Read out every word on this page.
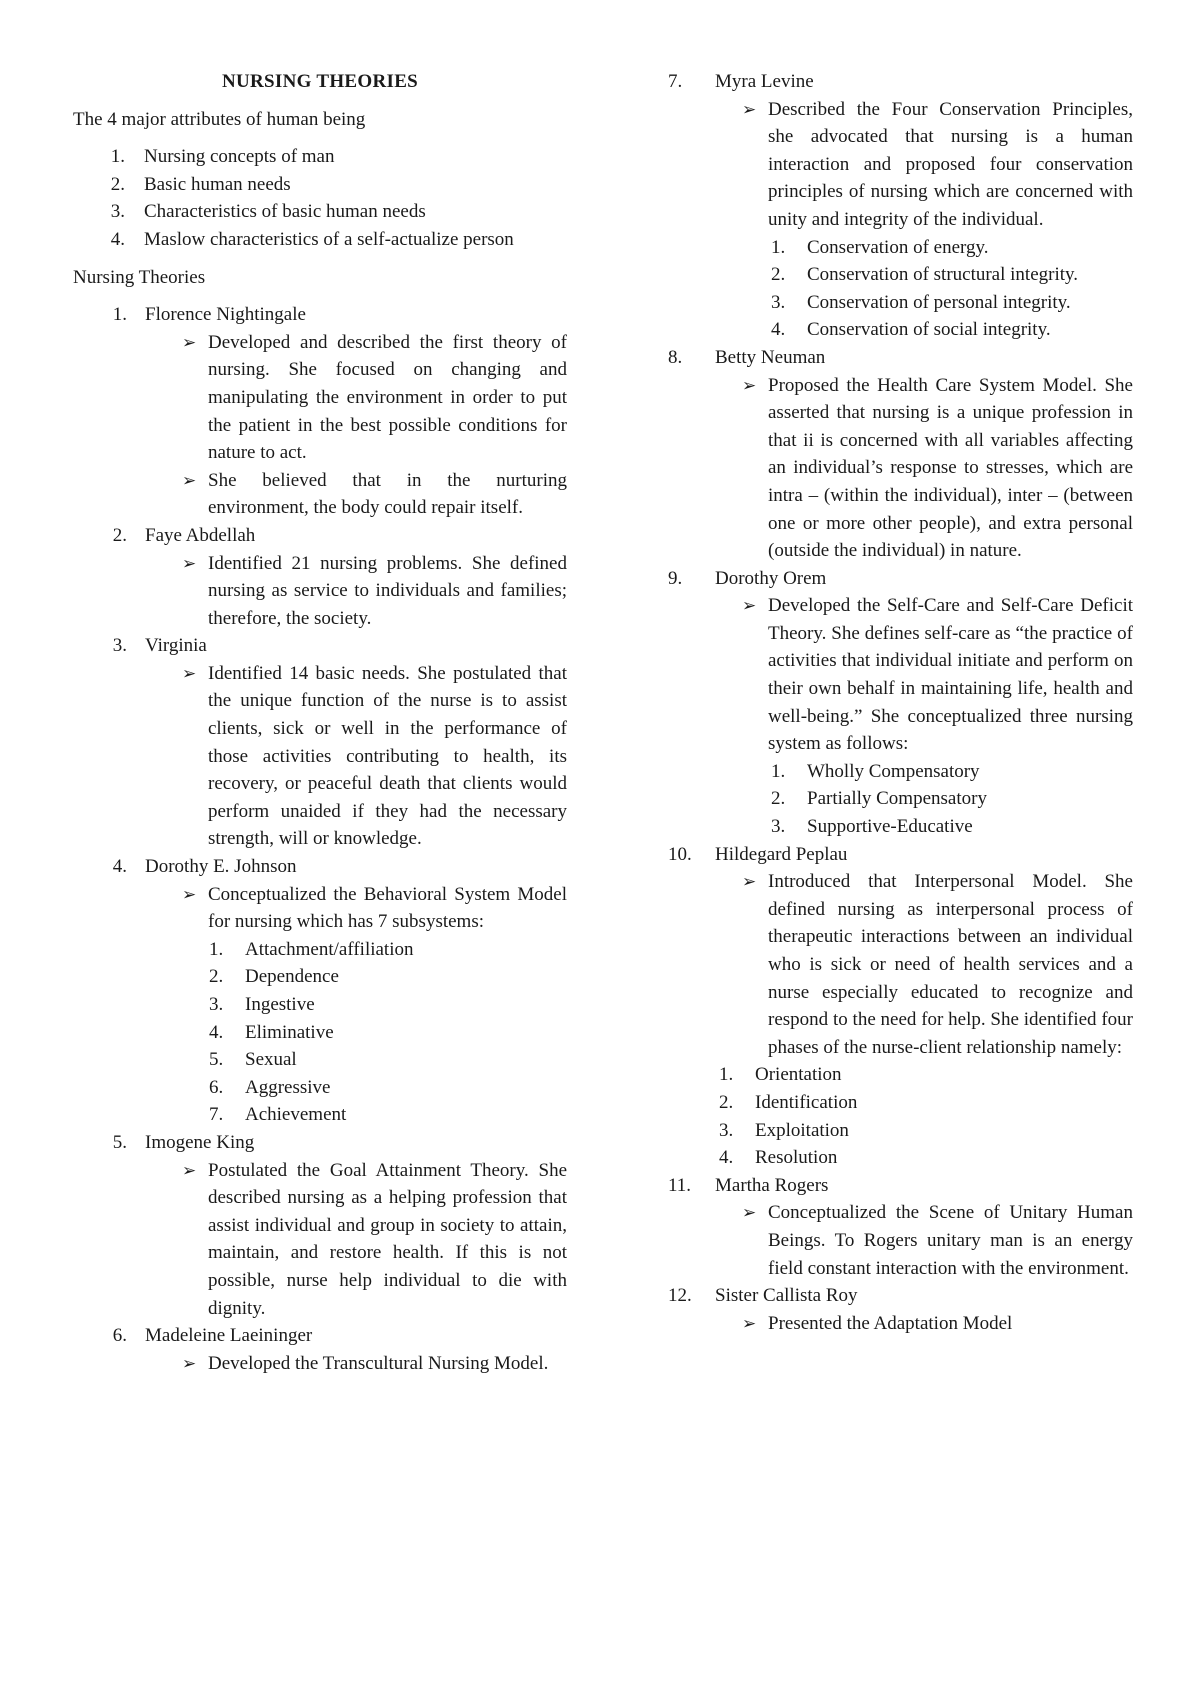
NURSING THEORIES
The 4 major attributes of human being
1. Nursing concepts of man
2. Basic human needs
3. Characteristics of basic human needs
4. Maslow characteristics of a self-actualize person
Nursing Theories
1. Florence Nightingale
➢ Developed and described the first theory of nursing. She focused on changing and manipulating the environment in order to put the patient in the best possible conditions for nature to act.
➢ She believed that in the nurturing environment, the body could repair itself.
2. Faye Abdellah
➢ Identified 21 nursing problems. She defined nursing as service to individuals and families; therefore, the society.
3. Virginia
➢ Identified 14 basic needs. She postulated that the unique function of the nurse is to assist clients, sick or well in the performance of those activities contributing to health, its recovery, or peaceful death that clients would perform unaided if they had the necessary strength, will or knowledge.
4. Dorothy E. Johnson
➢ Conceptualized the Behavioral System Model for nursing which has 7 subsystems:
1.	Attachment/affiliation
2.	Dependence
3.	Ingestive
4.	Eliminative
5.	Sexual
6.	Aggressive
7.	Achievement
5. Imogene King
➢ Postulated the Goal Attainment Theory. She described nursing as a helping profession that assist individual and group in society to attain, maintain, and restore health. If this is not possible, nurse help individual to die with dignity.
6. Madeleine Laeininger
➢ Developed the Transcultural Nursing Model.
7.	Myra Levine
➢ Described the Four Conservation Principles, she advocated that nursing is a human interaction and proposed four conservation principles of nursing which are concerned with unity and integrity of the individual.
1.	Conservation of energy.
2.	Conservation of structural integrity.
3.	Conservation of personal integrity.
4.	Conservation of social integrity.
8.	Betty Neuman
➢ Proposed the Health Care System Model. She asserted that nursing is a unique profession in that ii is concerned with all variables affecting an individual’s response to stresses, which are intra – (within the individual), inter – (between one or more other people), and extra personal (outside the individual) in nature.
9.	Dorothy Orem
➢ Developed the Self-Care and Self-Care Deficit Theory. She defines self-care as “the practice of activities that individual initiate and perform on their own behalf in maintaining life, health and well-being.” She conceptualized three nursing system as follows:
1.	Wholly Compensatory
2.	Partially Compensatory
3.	Supportive-Educative
10.	Hildegard Peplau
➢ Introduced that Interpersonal Model. She defined nursing as interpersonal process of therapeutic interactions between an individual who is sick or need of health services and a nurse especially educated to recognize and respond to the need for help. She identified four phases of the nurse-client relationship namely:
1.	Orientation
2.	Identification
3.	Exploitation
4.	Resolution
11.	Martha Rogers
➢ Conceptualized the Scene of Unitary Human Beings. To Rogers unitary man is an energy field constant interaction with the environment.
12.	Sister Callista Roy
➢ Presented the Adaptation Model
